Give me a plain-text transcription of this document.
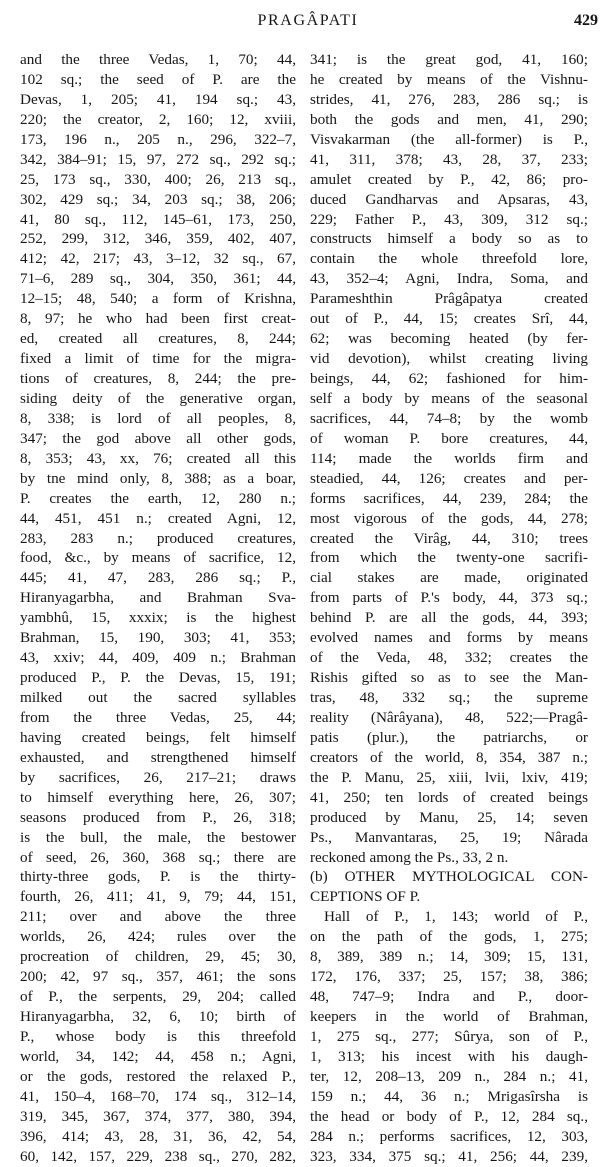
PRAGÂPATI	429
and the three Vedas, 1, 70; 44,
102 sq.; the seed of P. are the
Devas, 1, 205; 41, 194 sq.; 43,
220; the creator, 2, 160; 12, xviii,
173, 196 n., 205 n., 296, 322–7,
342, 384–91; 15, 97, 272 sq., 292 sq.;
25, 173 sq., 330, 400; 26, 213 sq.,
302, 429 sq.; 34, 203 sq.; 38, 206;
41, 80 sq., 112, 145–61, 173, 250,
252, 299, 312, 346, 359, 402, 407,
412; 42, 217; 43, 3–12, 32 sq., 67,
71–6, 289 sq., 304, 350, 361; 44,
12–15; 48, 540; a form of Krishna,
8, 97; he who had been first creat-
ed, created all creatures, 8, 244;
fixed a limit of time for the migra-
tions of creatures, 8, 244; the pre-
siding deity of the generative organ,
8, 338; is lord of all peoples, 8,
347; the god above all other gods,
8, 353; 43, xx, 76; created all this
by tne mind only, 8, 388; as a boar,
P. creates the earth, 12, 280 n.;
44, 451, 451 n.; created Agni, 12,
283, 283 n.; produced creatures,
food, &c., by means of sacrifice, 12,
445; 41, 47, 283, 286 sq.; P.,
Hiranyagarbha, and Brahman Sva-
yambhû, 15, xxxix; is the highest
Brahman, 15, 190, 303; 41, 353;
43, xxiv; 44, 409, 409 n.; Brahman
produced P., P. the Devas, 15, 191;
milked out the sacred syllables
from the three Vedas, 25, 44;
having created beings, felt himself
exhausted, and strengthened himself
by sacrifices, 26, 217–21; draws
to himself everything here, 26, 307;
seasons produced from P., 26, 318;
is the bull, the male, the bestower
of seed, 26, 360, 368 sq.; there are
thirty-three gods, P. is the thirty-
fourth, 26, 411; 41, 9, 79; 44, 151,
211; over and above the three
worlds, 26, 424; rules over the
procreation of children, 29, 45; 30,
200; 42, 97 sq., 357, 461; the sons
of P., the serpents, 29, 204; called
Hiranyagarbha, 32, 6, 10; birth of
P., whose body is this threefold
world, 34, 142; 44, 458 n.; Agni,
or the gods, restored the relaxed P.,
41, 150–4, 168–70, 174 sq., 312–14,
319, 345, 367, 374, 377, 380, 394,
396, 414; 43, 28, 31, 36, 42, 54,
60, 142, 157, 229, 238 sq., 270, 282,
341; is the great god, 41, 160;
he created by means of the Vishnu-
strides, 41, 276, 283, 286 sq.; is
both the gods and men, 41, 290;
Visvakarman (the all-former) is P.,
41, 311, 378; 43, 28, 37, 233;
amulet created by P., 42, 86; pro-
duced Gandharvas and Apsaras, 43,
229; Father P., 43, 309, 312 sq.;
constructs himself a body so as to
contain the whole threefold lore,
43, 352–4; Agni, Indra, Soma, and
Parameshthin Prâgâpatya created
out of P., 44, 15; creates Srî, 44,
62; was becoming heated (by fer-
vid devotion), whilst creating living
beings, 44, 62; fashioned for him-
self a body by means of the seasonal
sacrifices, 44, 74–8; by the womb
of woman P. bore creatures, 44,
114; made the worlds firm and
steadied, 44, 126; creates and per-
forms sacrifices, 44, 239, 284; the
most vigorous of the gods, 44, 278;
created the Virâg, 44, 310; trees
from which the twenty-one sacrifi-
cial stakes are made, originated
from parts of P.'s body, 44, 373 sq.;
behind P. are all the gods, 44, 393;
evolved names and forms by means
of the Veda, 48, 332; creates the
Rishis gifted so as to see the Man-
tras, 48, 332 sq.; the supreme
reality (Nârâyana), 48, 522;—Pragâ-
patis (plur.), the patriarchs, or
creators of the world, 8, 354, 387 n.;
the P. Manu, 25, xiii, lvii, lxiv, 419;
41, 250; ten lords of created beings
produced by Manu, 25, 14; seven
Ps., Manvantaras, 25, 19; Nârada
reckoned among the Ps., 33, 2 n.
(b) OTHER MYTHOLOGICAL CON-
CEPTIONS OF P.
Hall of P., 1, 143; world of P.,
on the path of the gods, 1, 275;
8, 389, 389 n.; 14, 309; 15, 131,
172, 176, 337; 25, 157; 38, 386;
48, 747–9; Indra and P., door-
keepers in the world of Brahman,
1, 275 sq., 277; Sûrya, son of P.,
1, 313; his incest with his daugh-
ter, 12, 208–13, 209 n., 284 n.; 41,
159 n.; 44, 36 n.; Mrigasîrsha is
the head or body of P., 12, 284 sq.,
284 n.; performs sacrifices, 12, 303,
323, 334, 375 sq.; 41, 256; 44, 239,
